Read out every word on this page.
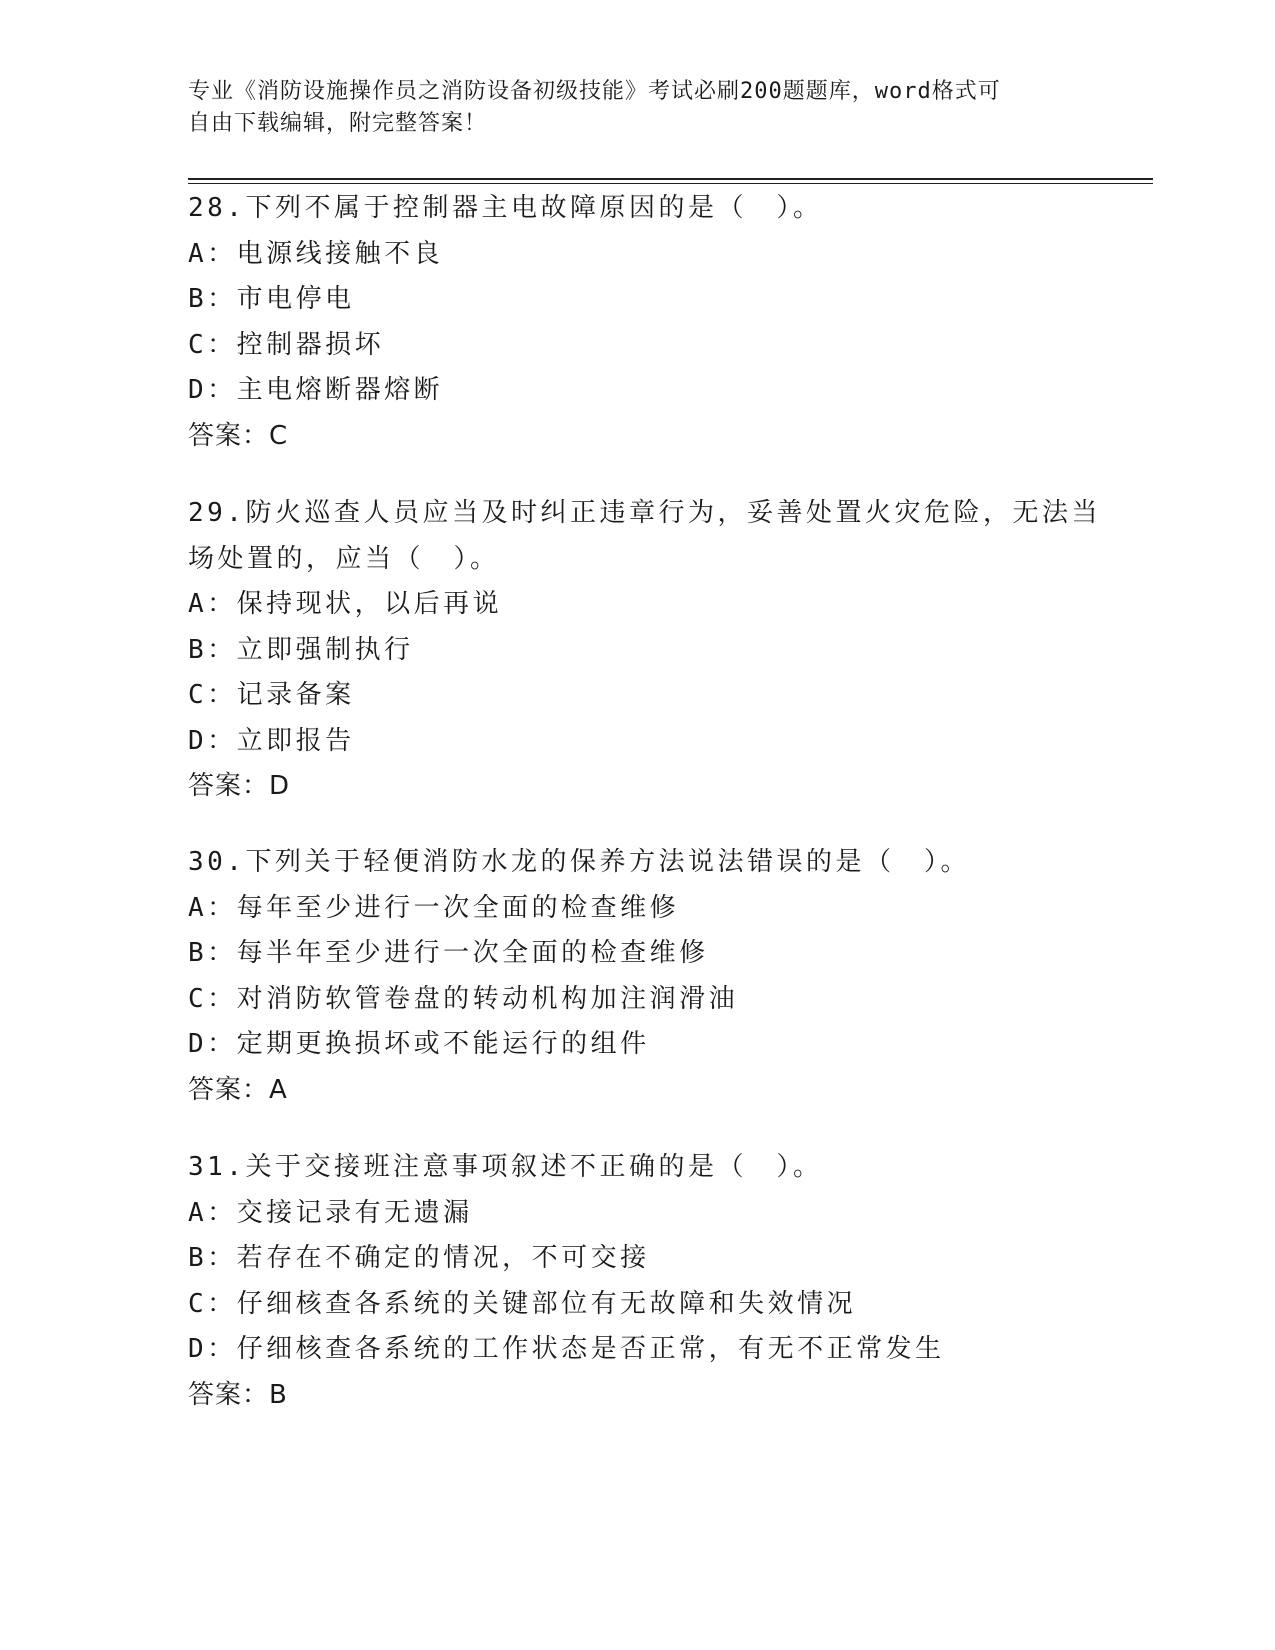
专业《消防设施操作员之消防设备初级技能》考试必刷200题题库，word格式可
自由下载编辑，附完整答案！
28.下列不属于控制器主电故障原因的是（　）。
A：电源线接触不良
B：市电停电
C：控制器损坏
D：主电熔断器熔断
答案：C
29.防火巡查人员应当及时纠正违章行为，妥善处置火灾危险，无法当
场处置的，应当（　）。
A：保持现状，以后再说
B：立即强制执行
C：记录备案
D：立即报告
答案：D
30.下列关于轻便消防水龙的保养方法说法错误的是（　）。
A：每年至少进行一次全面的检查维修
B：每半年至少进行一次全面的检查维修
C：对消防软管卷盘的转动机构加注润滑油
D：定期更换损坏或不能运行的组件
答案：A
31.关于交接班注意事项叙述不正确的是（　）。
A：交接记录有无遗漏
B：若存在不确定的情况，不可交接
C：仔细核查各系统的关键部位有无故障和失效情况
D：仔细核查各系统的工作状态是否正常，有无不正常发生
答案：B
